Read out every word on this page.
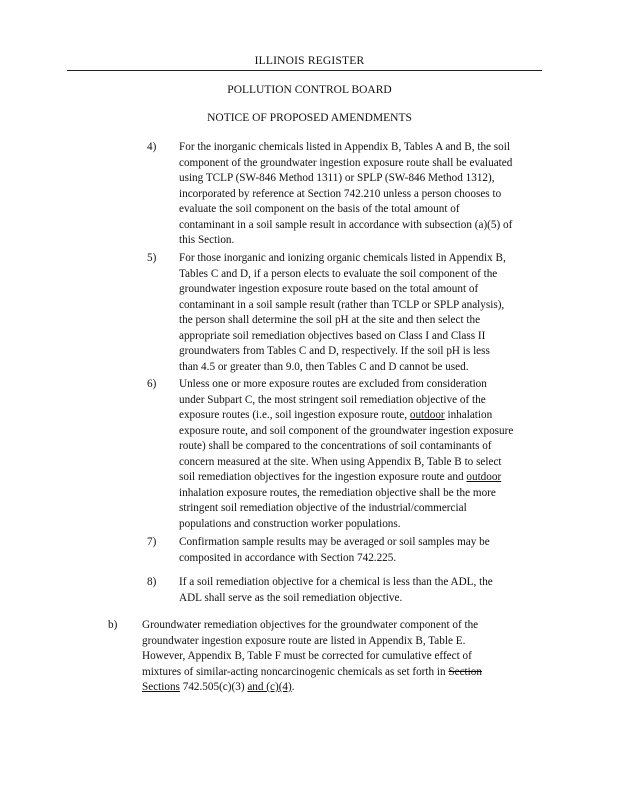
ILLINOIS REGISTER
POLLUTION CONTROL BOARD
NOTICE OF PROPOSED AMENDMENTS
4) For the inorganic chemicals listed in Appendix B, Tables A and B, the soil

component of the groundwater ingestion exposure route shall be evaluated

using TCLP (SW-846 Method 1311) or SPLP (SW-846 Method 1312),

incorporated by reference at Section 742.210 unless a person chooses to

evaluate the soil component on the basis of the total amount of

contaminant in a soil sample result in accordance with subsection (a)(5) of

this Section.

5) For those inorganic and ionizing organic chemicals listed in Appendix B,

Tables C and D, if a person elects to evaluate the soil component of the

groundwater ingestion exposure route based on the total amount of

contaminant in a soil sample result (rather than TCLP or SPLP analysis),

the person shall determine the soil pH at the site and then select the

appropriate soil remediation objectives based on Class I and Class II

groundwaters from Tables C and D, respectively. If the soil pH is less

than 4.5 or greater than 9.0, then Tables C and D cannot be used.

6) Unless one or more exposure routes are excluded from consideration

under Subpart C, the most stringent soil remediation objective of the

exposure routes (i.e., soil ingestion exposure route, outdoor inhalation

exposure route, and soil component of the groundwater ingestion exposure

route) shall be compared to the concentrations of soil contaminants of

concern measured at the site. When using Appendix B, Table B to select

soil remediation objectives for the ingestion exposure route and outdoor

inhalation exposure routes, the remediation objective shall be the more

stringent soil remediation objective of the industrial/commercial

populations and construction worker populations.

7) Confirmation sample results may be averaged or soil samples may be

composited in accordance with Section 742.225.

8) If a soil remediation objective for a chemical is less than the ADL, the

ADL shall serve as the soil remediation objective.

b) Groundwater remediation objectives for the groundwater component of the

groundwater ingestion exposure route are listed in Appendix B, Table E.

However, Appendix B, Table F must be corrected for cumulative effect of

mixtures of similar-acting noncarcinogenic chemicals as set forth in Section

Sections 742.505(c)(3) and (c)(4).
